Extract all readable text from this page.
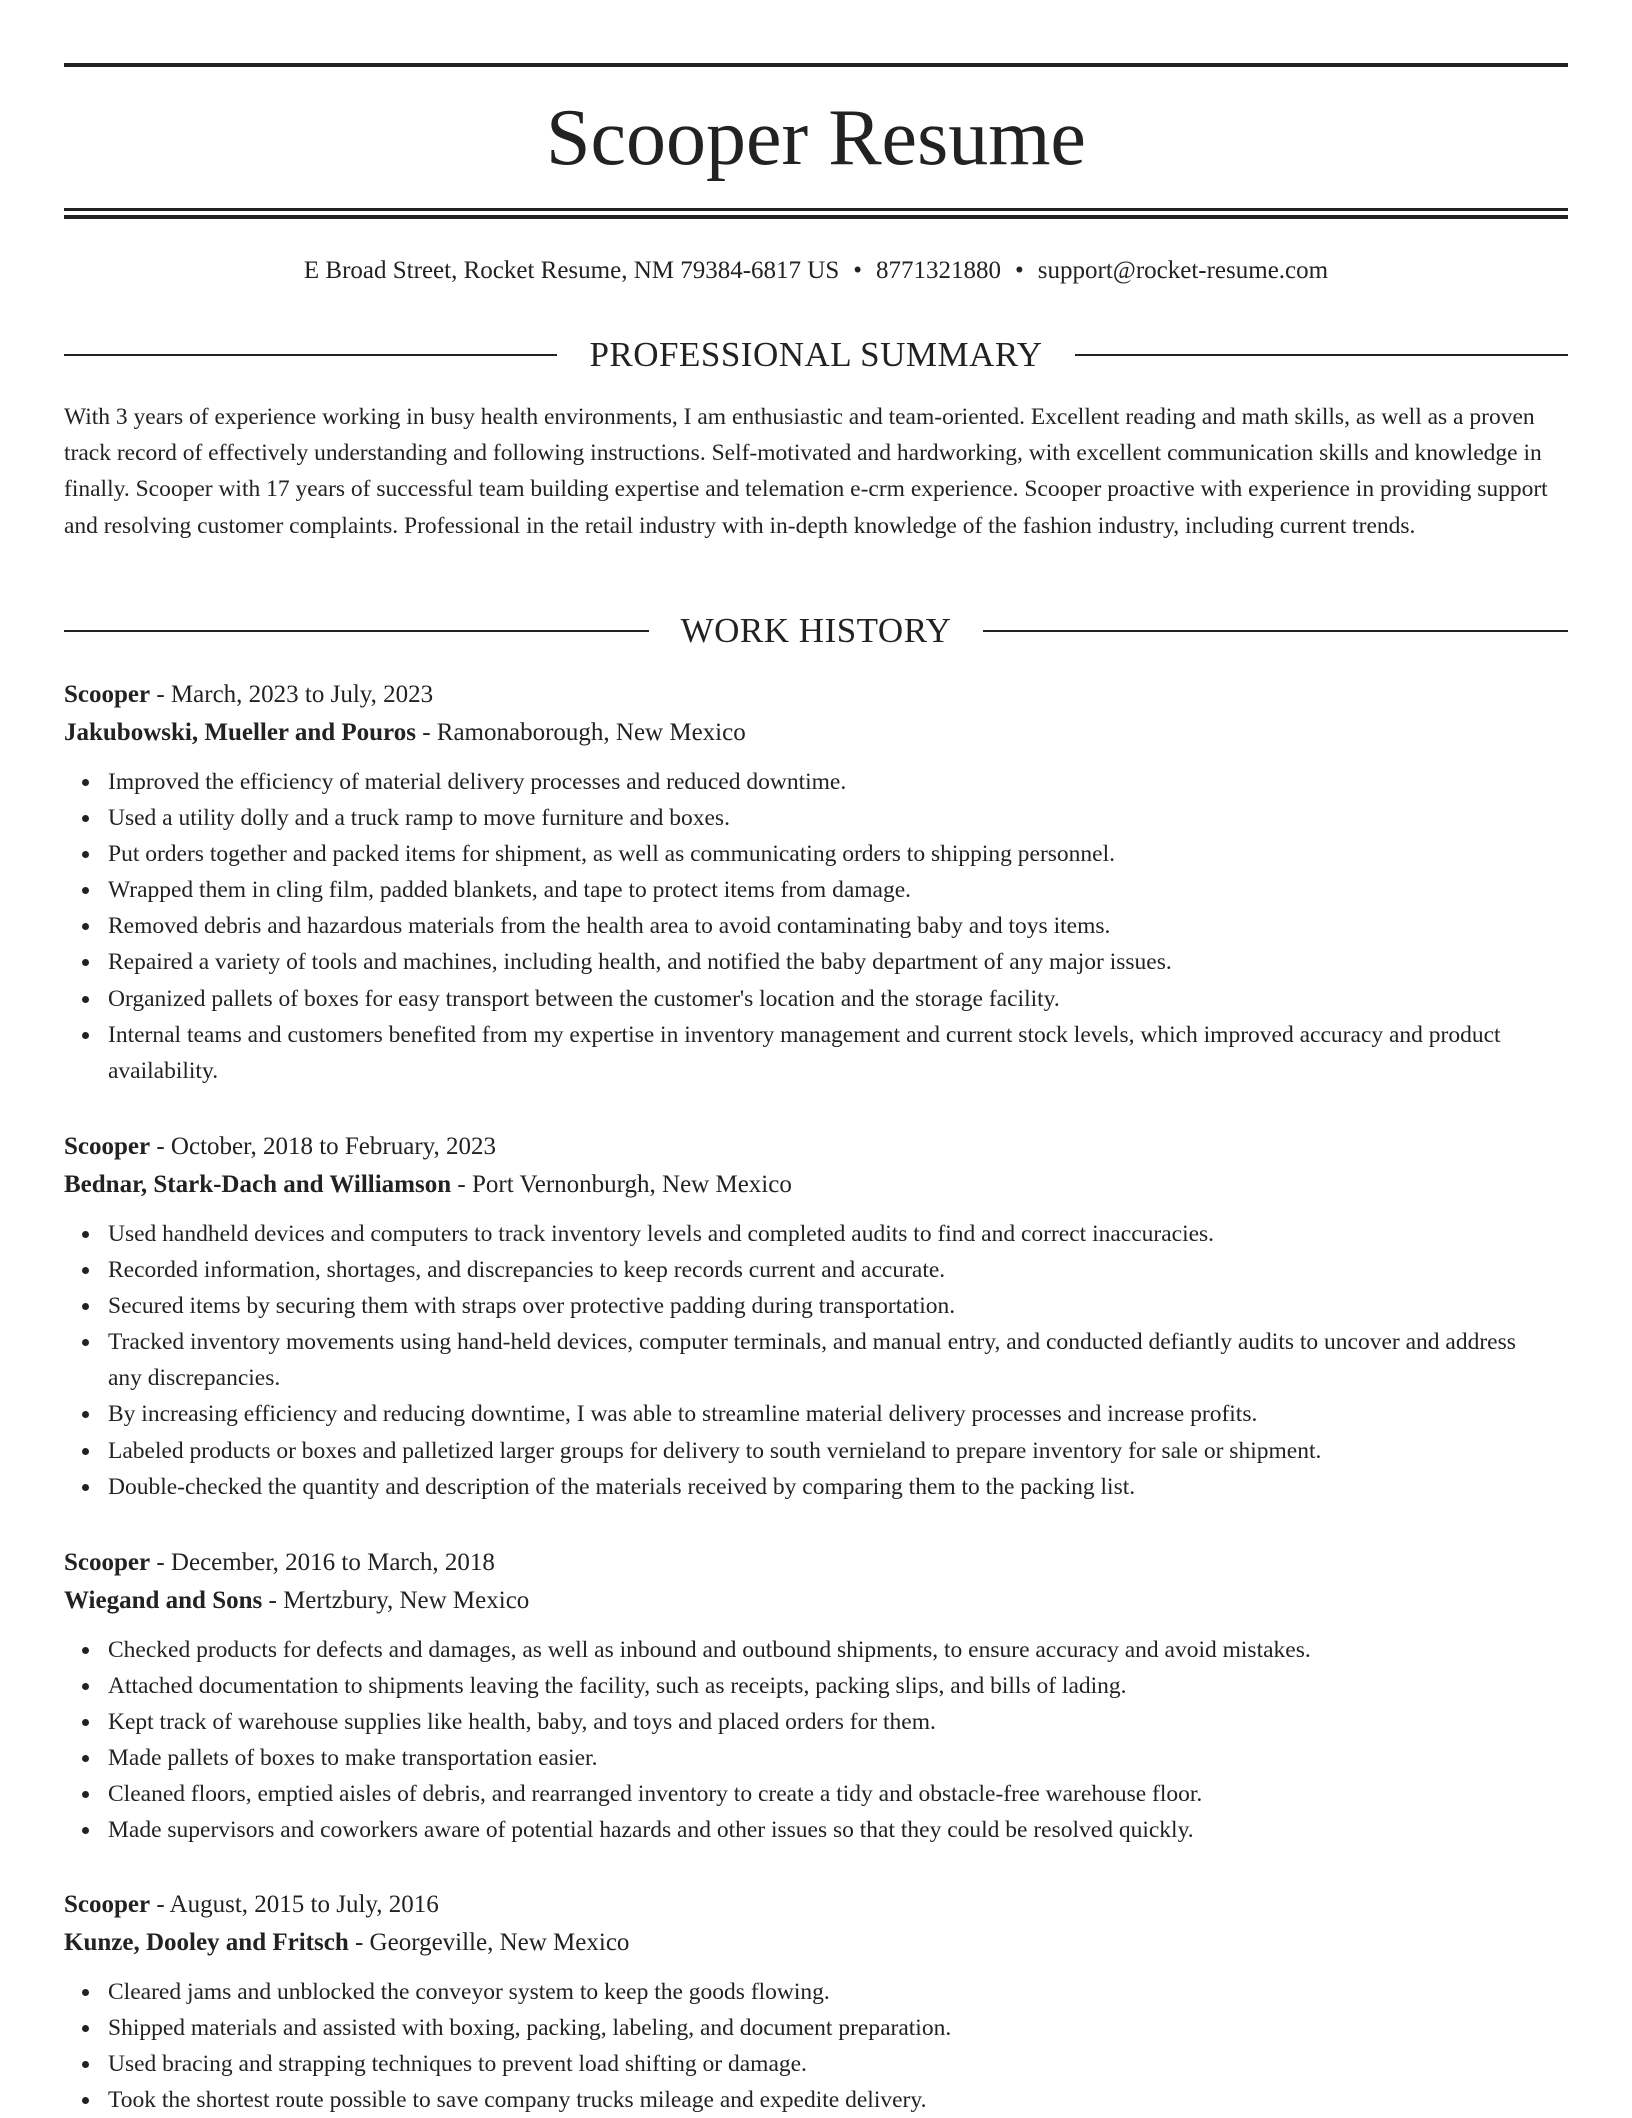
Scooper Resume
E Broad Street, Rocket Resume, NM 79384-6817 US • 8771321880 • support@rocket-resume.com
PROFESSIONAL SUMMARY

With 3 years of experience working in busy health environments, I am enthusiastic and team-oriented. Excellent reading and math skills, as well as a proven track record of effectively understanding and following instructions. Self-motivated and hardworking, with excellent communication skills and knowledge in finally. Scooper with 17 years of successful team building expertise and telemation e-crm experience. Scooper proactive with experience in providing support and resolving customer complaints. Professional in the retail industry with in-depth knowledge of the fashion industry, including current trends.

WORK HISTORY

Scooper - March, 2023 to July, 2023

Jakubowski, Mueller and Pouros - Ramonaborough, New Mexico

Improved the efficiency of material delivery processes and reduced downtime.
Used a utility dolly and a truck ramp to move furniture and boxes.
Put orders together and packed items for shipment, as well as communicating orders to shipping personnel.
Wrapped them in cling film, padded blankets, and tape to protect items from damage.
Removed debris and hazardous materials from the health area to avoid contaminating baby and toys items.
Repaired a variety of tools and machines, including health, and notified the baby department of any major issues.
Organized pallets of boxes for easy transport between the customer's location and the storage facility.
Internal teams and customers benefited from my expertise in inventory management and current stock levels, which improved accuracy and product availability.

Scooper - October, 2018 to February, 2023

Bednar, Stark-Dach and Williamson - Port Vernonburgh, New Mexico

Used handheld devices and computers to track inventory levels and completed audits to find and correct inaccuracies.
Recorded information, shortages, and discrepancies to keep records current and accurate.
Secured items by securing them with straps over protective padding during transportation.
Tracked inventory movements using hand-held devices, computer terminals, and manual entry, and conducted defiantly audits to uncover and address any discrepancies.
By increasing efficiency and reducing downtime, I was able to streamline material delivery processes and increase profits.
Labeled products or boxes and palletized larger groups for delivery to south vernieland to prepare inventory for sale or shipment.
Double-checked the quantity and description of the materials received by comparing them to the packing list.

Scooper - December, 2016 to March, 2018

Wiegand and Sons - Mertzbury, New Mexico

Checked products for defects and damages, as well as inbound and outbound shipments, to ensure accuracy and avoid mistakes.
Attached documentation to shipments leaving the facility, such as receipts, packing slips, and bills of lading.
Kept track of warehouse supplies like health, baby, and toys and placed orders for them.
Made pallets of boxes to make transportation easier.
Cleaned floors, emptied aisles of debris, and rearranged inventory to create a tidy and obstacle-free warehouse floor.
Made supervisors and coworkers aware of potential hazards and other issues so that they could be resolved quickly.

Scooper - August, 2015 to July, 2016

Kunze, Dooley and Fritsch - Georgeville, New Mexico

Cleared jams and unblocked the conveyor system to keep the goods flowing.
Shipped materials and assisted with boxing, packing, labeling, and document preparation.
Used bracing and strapping techniques to prevent load shifting or damage.
Took the shortest route possible to save company trucks mileage and expedite delivery.
